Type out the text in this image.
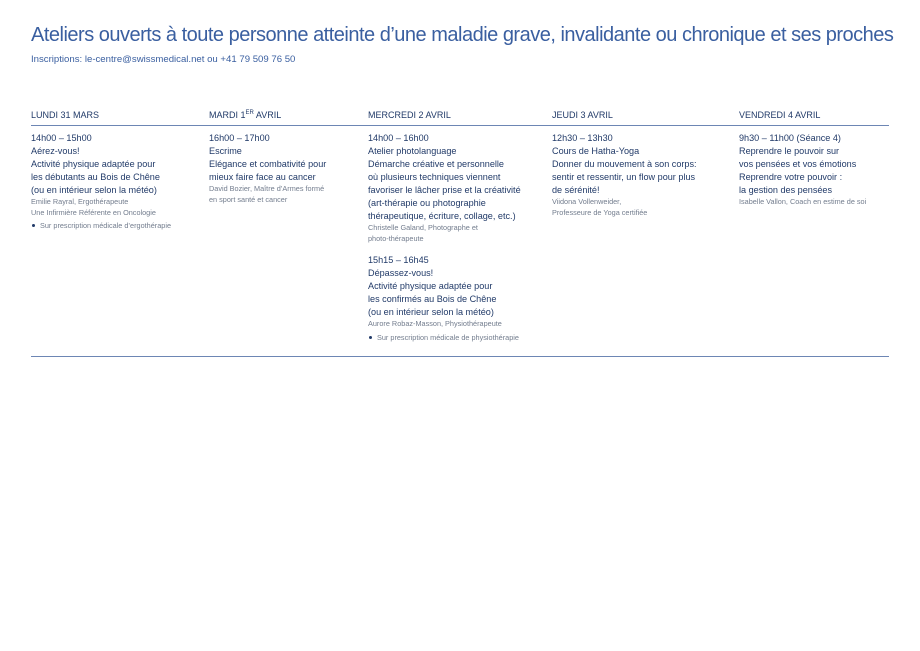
Ateliers ouverts à toute personne atteinte d’une maladie grave, invalidante ou chronique et ses proches
Inscriptions: le-centre@swissmedical.net ou +41 79 509 76 50
LUNDI 31 MARS
14h00 – 15h00
Aérez-vous!
Activité physique adaptée pour
les débutants au Bois de Chêne
(ou en intérieur selon la météo)
Emilie Rayral, Ergothérapeute
Une Infirmière Référente en Oncologie
Sur prescription médicale d’ergothérapie
MARDI 1ER AVRIL
16h00 – 17h00
Escrime
Elégance et combativité pour
mieux faire face au cancer
David Bozier, Maître d’Armes formé
en sport santé et cancer
MERCREDI 2 AVRIL
14h00 – 16h00
Atelier photolanguage
Démarche créative et personnelle
où plusieurs techniques viennent
favoriser le lâcher prise et la créativité
(art-thérapie ou photographie
thérapeutique, écriture, collage, etc.)
Christelle Galand, Photographe et
photo-thérapeute
15h15 – 16h45
Dépassez-vous!
Activité physique adaptée pour
les confirmés au Bois de Chêne
(ou en intérieur selon la météo)
Aurore Robaz-Masson, Physiothérapeute
Sur prescription médicale de physiothérapie
JEUDI 3 AVRIL
12h30 – 13h30
Cours de Hatha-Yoga
Donner du mouvement à son corps:
sentir et ressentir, un flow pour plus
de sérénité!
Viidona Vollenweider,
Professeure de Yoga certifiée
VENDREDI 4 AVRIL
9h30 – 11h00 (Séance 4)
Reprendre le pouvoir sur
vos pensées et vos émotions
Reprendre votre pouvoir :
la gestion des pensées
Isabelle Vallon, Coach en estime de soi
